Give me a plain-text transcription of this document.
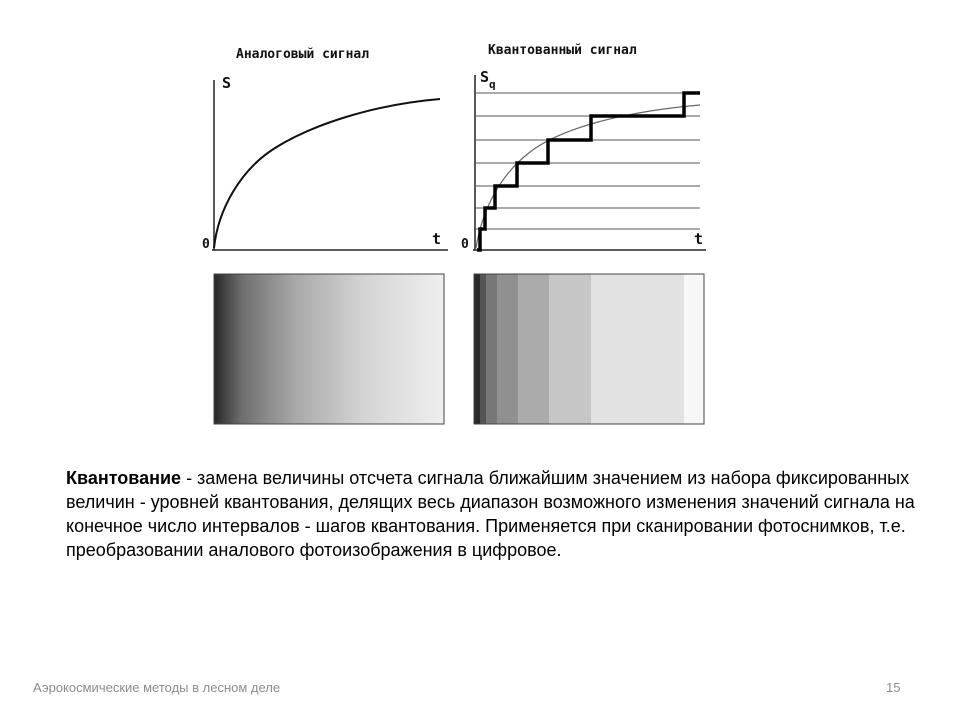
Аналоговый сигнал
S
t
0
Квантованный сигнал
$S_q$
t
0
Квантование - замена величины отсчета сигнала ближайшим значением из набора фиксированных величин - уровней квантования, делящих весь диапазон возможного изменения значений сигнала на конечное число интервалов - шагов квантования. Применяется при сканировании фотоснимков, т.е. преобразовании аналового фотоизображения в цифровое.
Аэрокосмические методы в лесном деле	15
